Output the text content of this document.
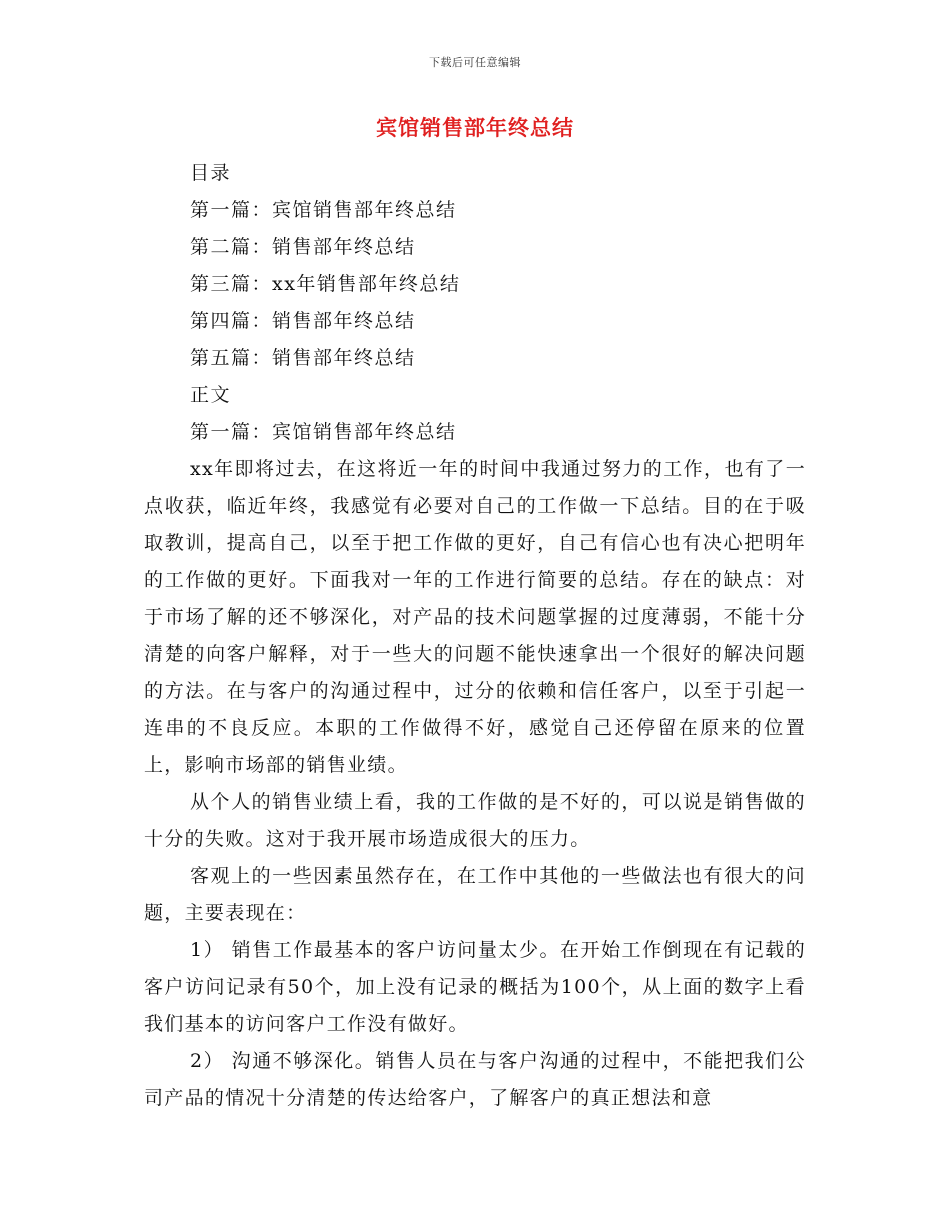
下载后可任意编辑
宾馆销售部年终总结
目录
第一篇：宾馆销售部年终总结
第二篇：销售部年终总结
第三篇：xx年销售部年终总结
第四篇：销售部年终总结
第五篇：销售部年终总结
正文
第一篇：宾馆销售部年终总结

xx年即将过去，在这将近一年的时间中我通过努力的工作，也有了一点收获，临近年终，我感觉有必要对自己的工作做一下总结。目的在于吸取教训，提高自己，以至于把工作做的更好，自己有信心也有决心把明年的工作做的更好。下面我对一年的工作进行简要的总结。存在的缺点：对于市场了解的还不够深化，对产品的技术问题掌握的过度薄弱，不能十分清楚的向客户解释，对于一些大的问题不能快速拿出一个很好的解决问题的方法。在与客户的沟通过程中，过分的依赖和信任客户，以至于引起一连串的不良反应。本职的工作做得不好，感觉自己还停留在原来的位置上，影响市场部的销售业绩。

从个人的销售业绩上看，我的工作做的是不好的，可以说是销售做的十分的失败。这对于我开展市场造成很大的压力。

客观上的一些因素虽然存在，在工作中其他的一些做法也有很大的问题，主要表现在：

1） 销售工作最基本的客户访问量太少。在开始工作倒现在有记载的客户访问记录有50个，加上没有记录的概括为100个，从上面的数字上看我们基本的访问客户工作没有做好。

2） 沟通不够深化。销售人员在与客户沟通的过程中，不能把我们公司产品的情况十分清楚的传达给客户，了解客户的真正想法和意
